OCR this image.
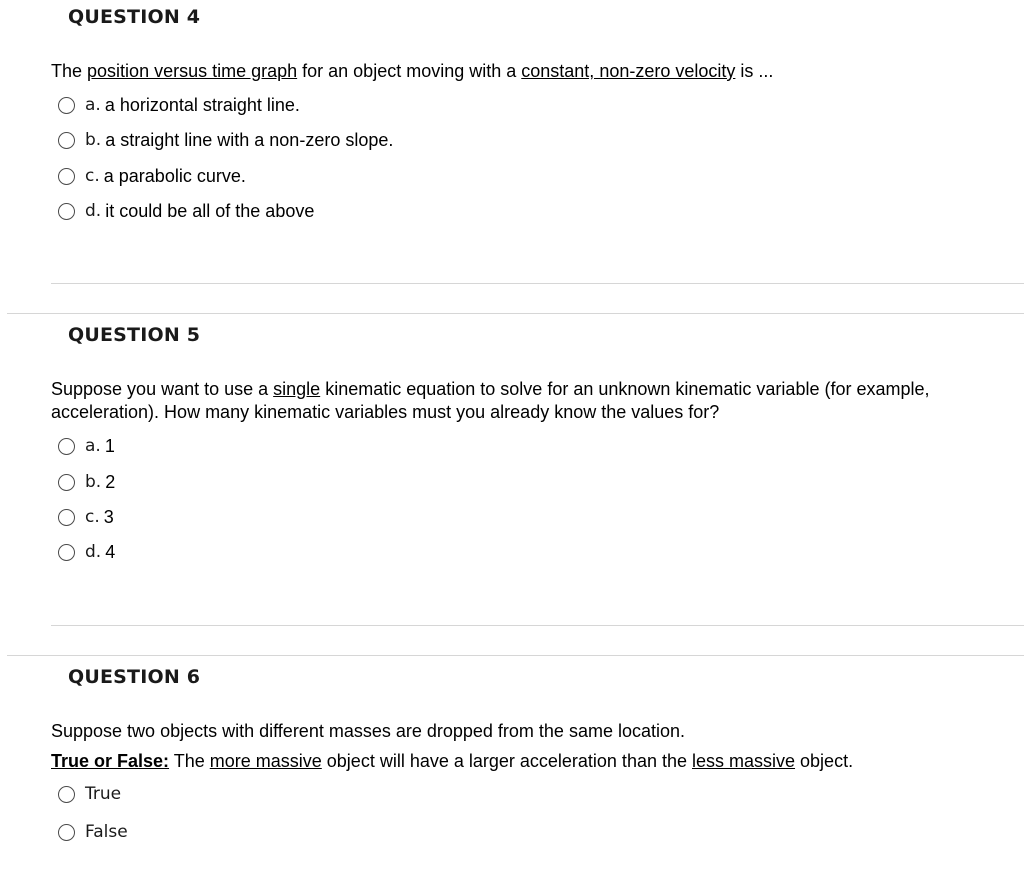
QUESTION 4
The position versus time graph for an object moving with a constant, non-zero velocity is ...
a. a horizontal straight line.
b. a straight line with a non-zero slope.
c. a parabolic curve.
d. it could be all of the above
QUESTION 5
Suppose you want to use a single kinematic equation to solve for an unknown kinematic variable (for example,
acceleration). How many kinematic variables must you already know the values for?
a. 1
b. 2
c. 3
d. 4
QUESTION 6
Suppose two objects with different masses are dropped from the same location.
True or False: The more massive object will have a larger acceleration than the less massive object.
True
False
